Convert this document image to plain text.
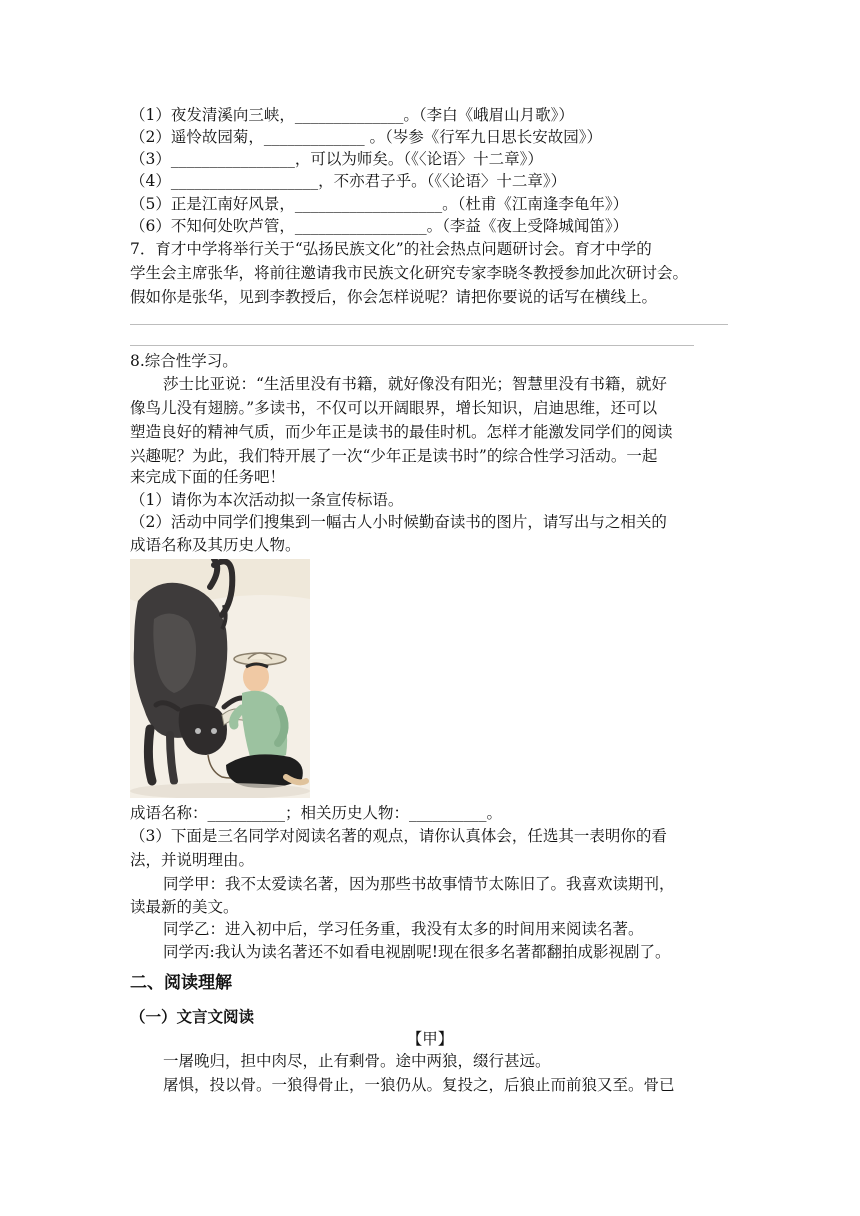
（1）夜发清溪向三峡，______________。（李白《峨眉山月歌》）
（2）遥怜故园菊，_____________ 。（岑参《行军九日思长安故园》）
（3）________________，可以为师矣。（《〈论语〉十二章》）
（4）___________________，不亦君子乎。（《〈论语〉十二章》）
（5）正是江南好风景，___________________。（杜甫《江南逢李龟年》）
（6）不知何处吹芦管，_________________。（李益《夜上受降城闻笛》）
7．育才中学将举行关于“弘扬民族文化”的社会热点问题研讨会。育才中学的
学生会主席张华，将前往邀请我市民族文化研究专家李晓冬教授参加此次研讨会。
假如你是张华，见到李教授后，你会怎样说呢？请把你要说的话写在横线上。
8.综合性学习。
莎士比亚说：“生活里没有书籍，就好像没有阳光；智慧里没有书籍，就好
像鸟儿没有翅膀。”多读书，不仅可以开阔眼界，增长知识，启迪思维，还可以
塑造良好的精神气质，而少年正是读书的最佳时机。怎样才能激发同学们的阅读
兴趣呢？为此，我们特开展了一次“少年正是读书时”的综合性学习活动。一起
来完成下面的任务吧！
（1）请你为本次活动拟一条宣传标语。
（2）活动中同学们搜集到一幅古人小时候勤奋读书的图片，请写出与之相关的
成语名称及其历史人物。
成语名称：__________；相关历史人物：__________。
（3）下面是三名同学对阅读名著的观点，请你认真体会，任选其一表明你的看
法，并说明理由。
同学甲：我不太爱读名著，因为那些书故事情节太陈旧了。我喜欢读期刊，
读最新的美文。
同学乙：进入初中后，学习任务重，我没有太多的时间用来阅读名著。
同学丙:我认为读名著还不如看电视剧呢!现在很多名著都翻拍成影视剧了。
二、阅读理解
（一）文言文阅读
【甲】
一屠晚归，担中肉尽，止有剩骨。途中两狼，缀行甚远。
屠惧，投以骨。一狼得骨止，一狼仍从。复投之，后狼止而前狼又至。骨已
